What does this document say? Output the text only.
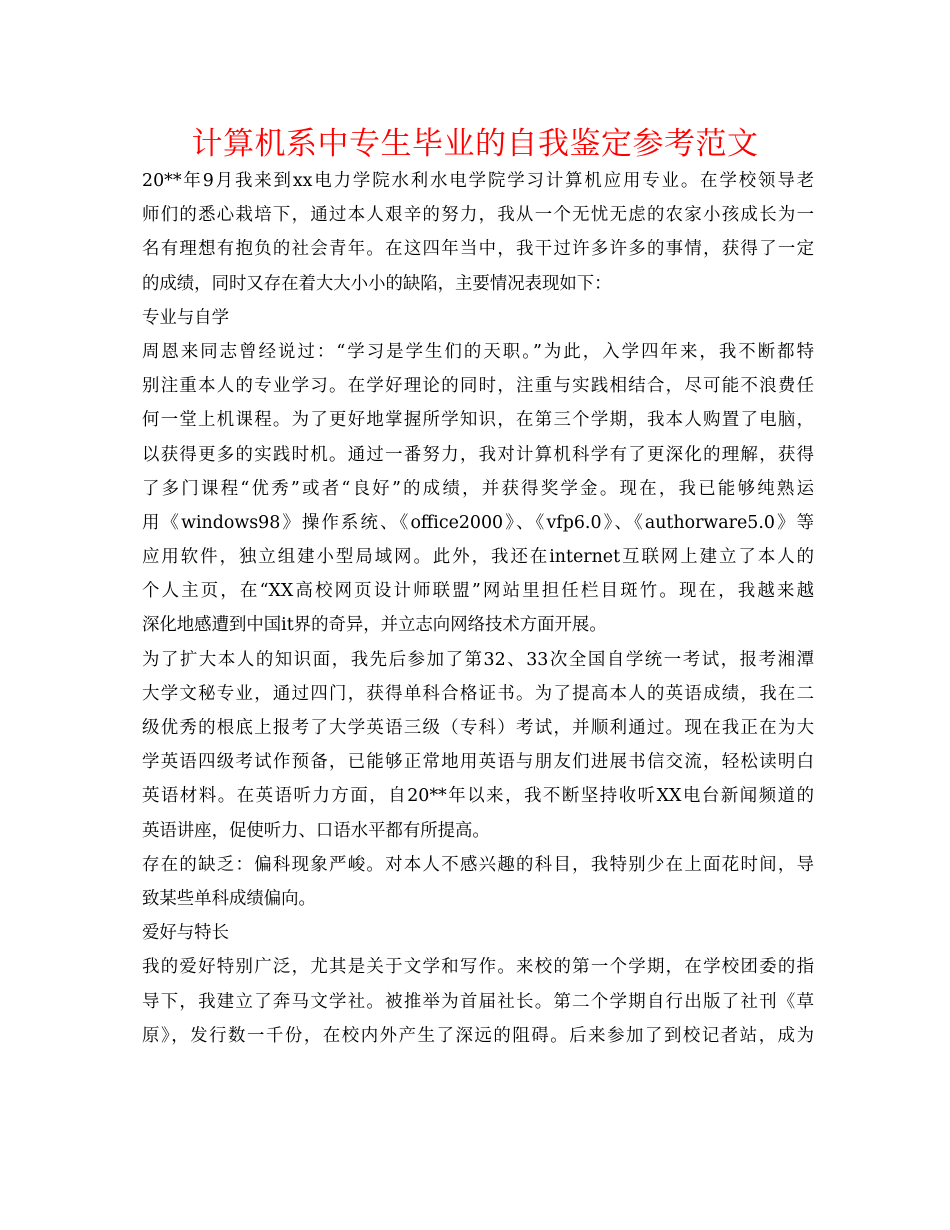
计算机系中专生毕业的自我鉴定参考范文
20**年9月我来到xx电力学院水利水电学院学习计算机应用专业。在学校领导老
师们的悉心栽培下，通过本人艰辛的努力，我从一个无忧无虑的农家小孩成长为一
名有理想有抱负的社会青年。在这四年当中，我干过许多许多的事情，获得了一定
的成绩，同时又存在着大大小小的缺陷，主要情况表现如下：
专业与自学
周恩来同志曾经说过：“学习是学生们的天职。”为此，入学四年来，我不断都特
别注重本人的专业学习。在学好理论的同时，注重与实践相结合，尽可能不浪费任
何一堂上机课程。为了更好地掌握所学知识，在第三个学期，我本人购置了电脑，
以获得更多的实践时机。通过一番努力，我对计算机科学有了更深化的理解，获得
了多门课程“优秀”或者“良好”的成绩，并获得奖学金。现在，我已能够纯熟运
用《windows98》操作系统、《office2000》、《vfp6.0》、《authorware5.0》等
应用软件，独立组建小型局域网。此外，我还在internet互联网上建立了本人的
个人主页，在“XX高校网页设计师联盟”网站里担任栏目斑竹。现在，我越来越
深化地感遭到中国it界的奇异，并立志向网络技术方面开展。
为了扩大本人的知识面，我先后参加了第32、33次全国自学统一考试，报考湘潭
大学文秘专业，通过四门，获得单科合格证书。为了提高本人的英语成绩，我在二
级优秀的根底上报考了大学英语三级（专科）考试，并顺利通过。现在我正在为大
学英语四级考试作预备，已能够正常地用英语与朋友们进展书信交流，轻松读明白
英语材料。在英语听力方面，自20**年以来，我不断坚持收听XX电台新闻频道的
英语讲座，促使听力、口语水平都有所提高。
存在的缺乏：偏科现象严峻。对本人不感兴趣的科目，我特别少在上面花时间，导
致某些单科成绩偏向。
爱好与特长
我的爱好特别广泛，尤其是关于文学和写作。来校的第一个学期，在学校团委的指
导下，我建立了奔马文学社。被推举为首届社长。第二个学期自行出版了社刊《草
原》，发行数一千份，在校内外产生了深远的阻碍。后来参加了到校记者站，成为
